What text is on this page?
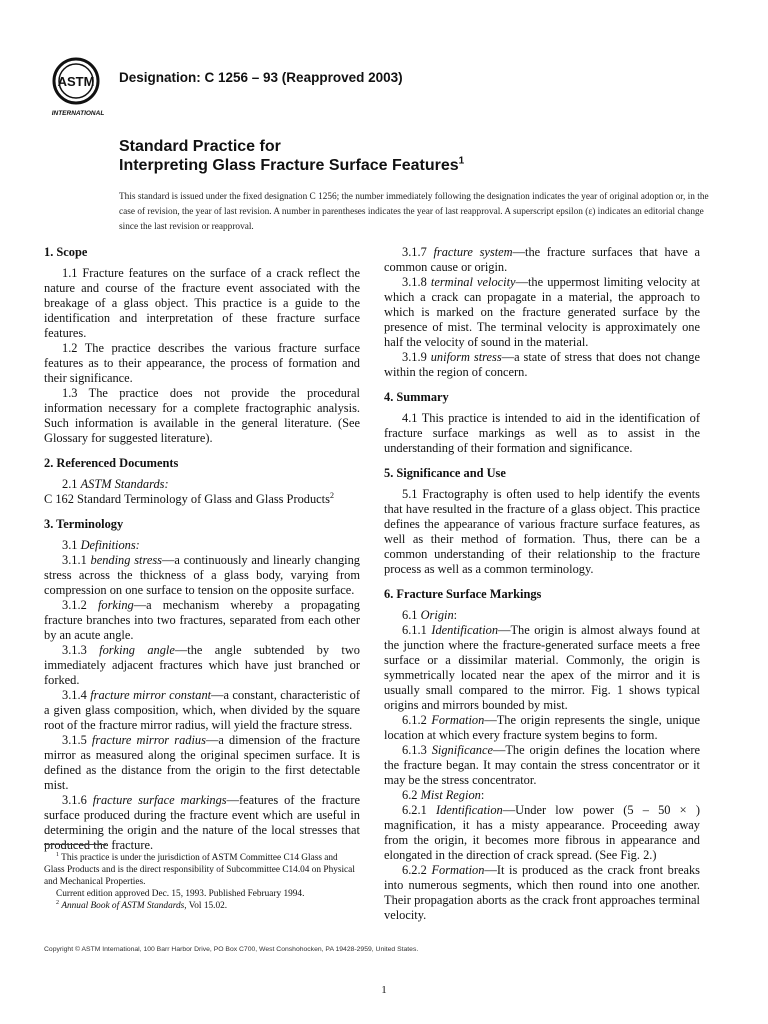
ASTM
INTERNATIONAL
Designation: C 1256 – 93 (Reapproved 2003)
Standard Practice for
Interpreting Glass Fracture Surface Features$^1$
This standard is issued under the fixed designation C 1256; the number immediately following the designation indicates the year of original adoption or, in the case of revision, the year of last revision. A number in parentheses indicates the year of last reapproval. A superscript epsilon (ε) indicates an editorial change since the last revision or reapproval.
1. Scope

1.1 Fracture features on the surface of a crack reflect the nature and course of the fracture event associated with the breakage of a glass object. This practice is a guide to the identification and interpretation of these fracture surface features.

1.2 The practice describes the various fracture surface features as to their appearance, the process of formation and their significance.

1.3 The practice does not provide the procedural information necessary for a complete fractographic analysis. Such information is available in the general literature. (See Glossary for suggested literature).

2. Referenced Documents

2.1 ASTM Standards:

C 162 Standard Terminology of Glass and Glass Products$^2$

3. Terminology

3.1 Definitions:

3.1.1 bending stress—a continuously and linearly changing stress across the thickness of a glass body, varying from compression on one surface to tension on the opposite surface.

3.1.2 forking—a mechanism whereby a propagating fracture branches into two fractures, separated from each other by an acute angle.

3.1.3 forking angle—the angle subtended by two immediately adjacent fractures which have just branched or forked.

3.1.4 fracture mirror constant—a constant, characteristic of a given glass composition, which, when divided by the square root of the fracture mirror radius, will yield the fracture stress.

3.1.5 fracture mirror radius—a dimension of the fracture mirror as measured along the original specimen surface. It is defined as the distance from the origin to the first detectable mist.

3.1.6 fracture surface markings—features of the fracture surface produced during the fracture event which are useful in determining the origin and the nature of the local stresses that produced the fracture.

$^1$ This practice is under the jurisdiction of ASTM Committee C14 Glass and Glass Products and is the direct responsibility of Subcommittee C14.04 on Physical and Mechanical Properties.

Current edition approved Dec. 15, 1993. Published February 1994.

$^2$ Annual Book of ASTM Standards, Vol 15.02.

3.1.7 fracture system—the fracture surfaces that have a common cause or origin.

3.1.8 terminal velocity—the uppermost limiting velocity at which a crack can propagate in a material, the approach to which is marked on the fracture generated surface by the presence of mist. The terminal velocity is approximately one half the velocity of sound in the material.

3.1.9 uniform stress—a state of stress that does not change within the region of concern.

4. Summary

4.1 This practice is intended to aid in the identification of fracture surface markings as well as to assist in the understanding of their formation and significance.

5. Significance and Use

5.1 Fractography is often used to help identify the events that have resulted in the fracture of a glass object. This practice defines the appearance of various fracture surface features, as well as their method of formation. Thus, there can be a common understanding of their relationship to the fracture process as well as a common terminology.

6. Fracture Surface Markings

6.1 Origin:

6.1.1 Identification—The origin is almost always found at the junction where the fracture-generated surface meets a free surface or a dissimilar material. Commonly, the origin is symmetrically located near the apex of the mirror and it is usually small compared to the mirror. Fig. 1 shows typical origins and mirrors bounded by mist.

6.1.2 Formation—The origin represents the single, unique location at which every fracture system begins to form.

6.1.3 Significance—The origin defines the location where the fracture began. It may contain the stress concentrator or it may be the stress concentrator.

6.2 Mist Region:

6.2.1 Identification—Under low power (5 – 50 × ) magnification, it has a misty appearance. Proceeding away from the origin, it becomes more fibrous in appearance and elongated in the direction of crack spread. (See Fig. 2.)

6.2.2 Formation—It is produced as the crack front breaks into numerous segments, which then round into one another. Their propagation aborts as the crack front approaches terminal velocity.

Copyright © ASTM International, 100 Barr Harbor Drive, PO Box C700, West Conshohocken, PA 19428-2959, United States.
1
